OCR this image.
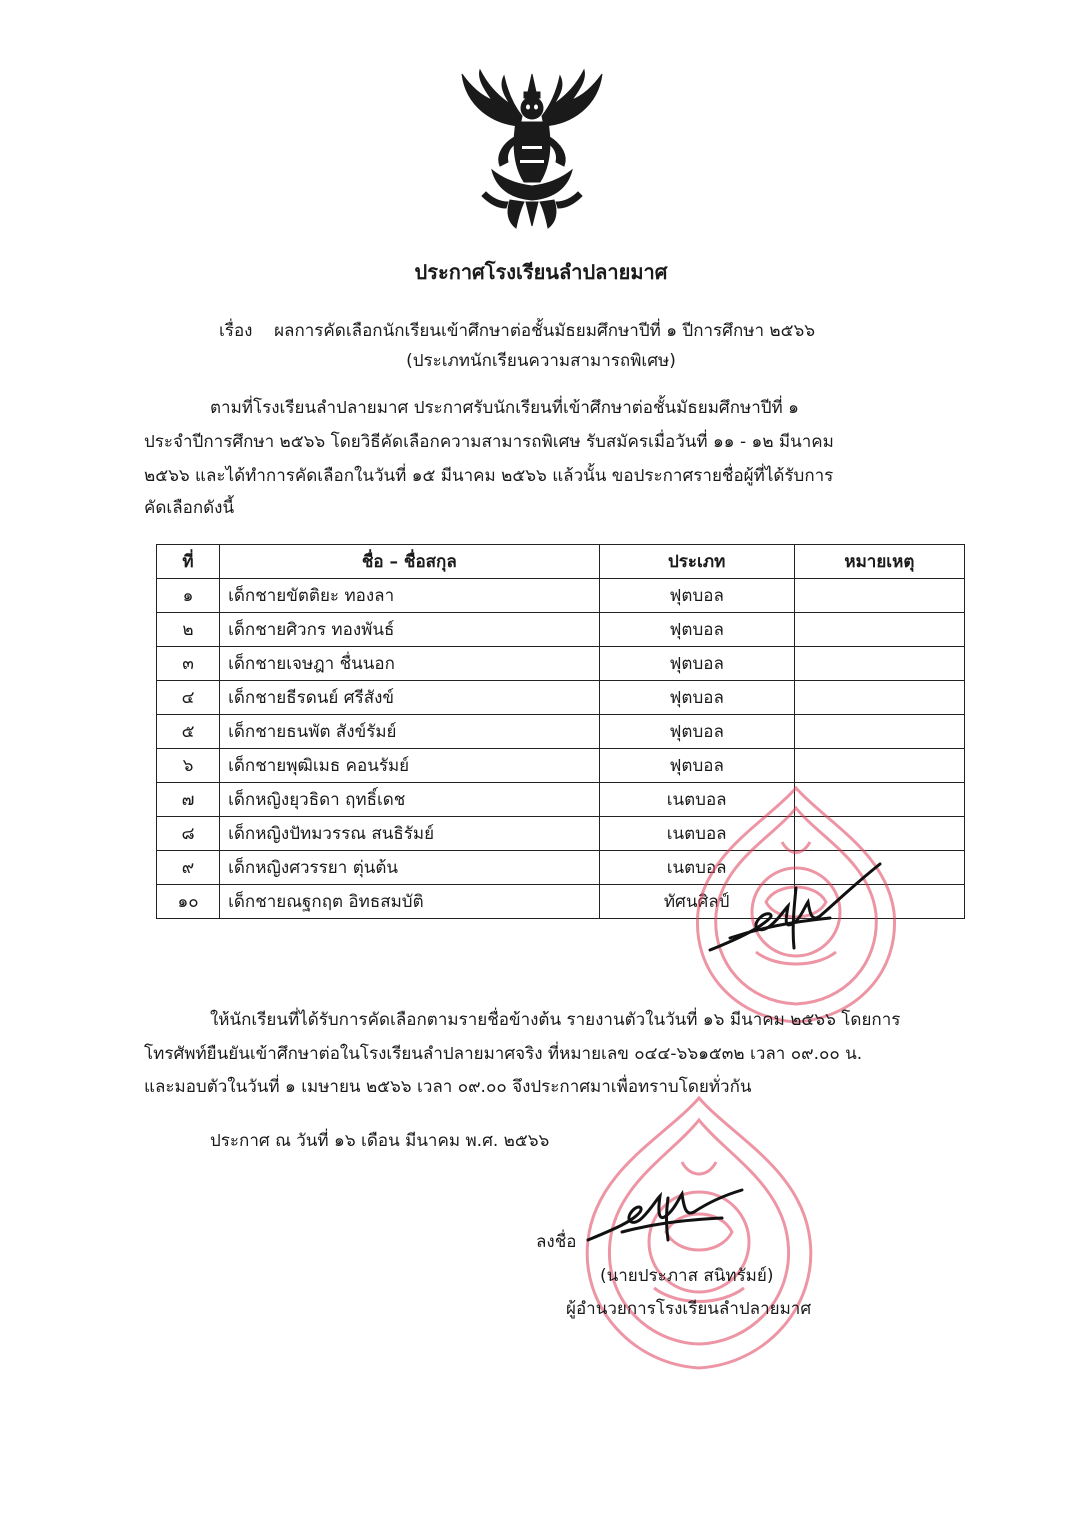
ประกาศโรงเรียนลำปลายมาศ
เรื่อง ผลการคัดเลือกนักเรียนเข้าศึกษาต่อชั้นมัธยมศึกษาปีที่ ๑ ปีการศึกษา ๒๕๖๖
(ประเภทนักเรียนความสามารถพิเศษ)
ตามที่โรงเรียนลำปลายมาศ ประกาศรับนักเรียนที่เข้าศึกษาต่อชั้นมัธยมศึกษาปีที่ ๑
ประจำปีการศึกษา ๒๕๖๖ โดยวิธีคัดเลือกความสามารถพิเศษ รับสมัครเมื่อวันที่ ๑๑ - ๑๒ มีนาคม
๒๕๖๖ และได้ทำการคัดเลือกในวันที่ ๑๕ มีนาคม ๒๕๖๖ แล้วนั้น ขอประกาศรายชื่อผู้ที่ได้รับการ
คัดเลือกดังนี้
ที่	ชื่อ – ชื่อสกุล	ประเภท	หมายเหตุ
๑	เด็กชายขัตติยะ ทองลา	ฟุตบอล	
๒	เด็กชายศิวกร ทองพันธ์	ฟุตบอล	
๓	เด็กชายเจษฎา ชื่นนอก	ฟุตบอล	
๔	เด็กชายธีรดนย์ ศรีสังข์	ฟุตบอล	
๕	เด็กชายธนพัต สังข์รัมย์	ฟุตบอล	
๖	เด็กชายพุฒิเมธ คอนรัมย์	ฟุตบอล	
๗	เด็กหญิงยุวธิดา ฤทธิ์เดช	เนตบอล	
๘	เด็กหญิงปัทมวรรณ สนธิรัมย์	เนตบอล	
๙	เด็กหญิงศวรรยา ตุ่นต้น	เนตบอล	
๑๐	เด็กชายณฐกฤต อิทธสมบัติ	ทัศนศิลป์	
ให้นักเรียนที่ได้รับการคัดเลือกตามรายชื่อข้างต้น รายงานตัวในวันที่ ๑๖ มีนาคม ๒๕๖๖ โดยการ
โทรศัพท์ยืนยันเข้าศึกษาต่อในโรงเรียนลำปลายมาศจริง ที่หมายเลข ๐๔๔-๖๖๑๕๓๒ เวลา ๐๙.๐๐ น.
และมอบตัวในวันที่ ๑ เมษายน ๒๕๖๖ เวลา ๐๙.๐๐ จึงประกาศมาเพื่อทราบโดยทั่วกัน
ประกาศ ณ วันที่ ๑๖ เดือน มีนาคม พ.ศ. ๒๕๖๖
ลงชื่อ
(นายประภาส สนิทรัมย์)
ผู้อำนวยการโรงเรียนลำปลายมาศ
